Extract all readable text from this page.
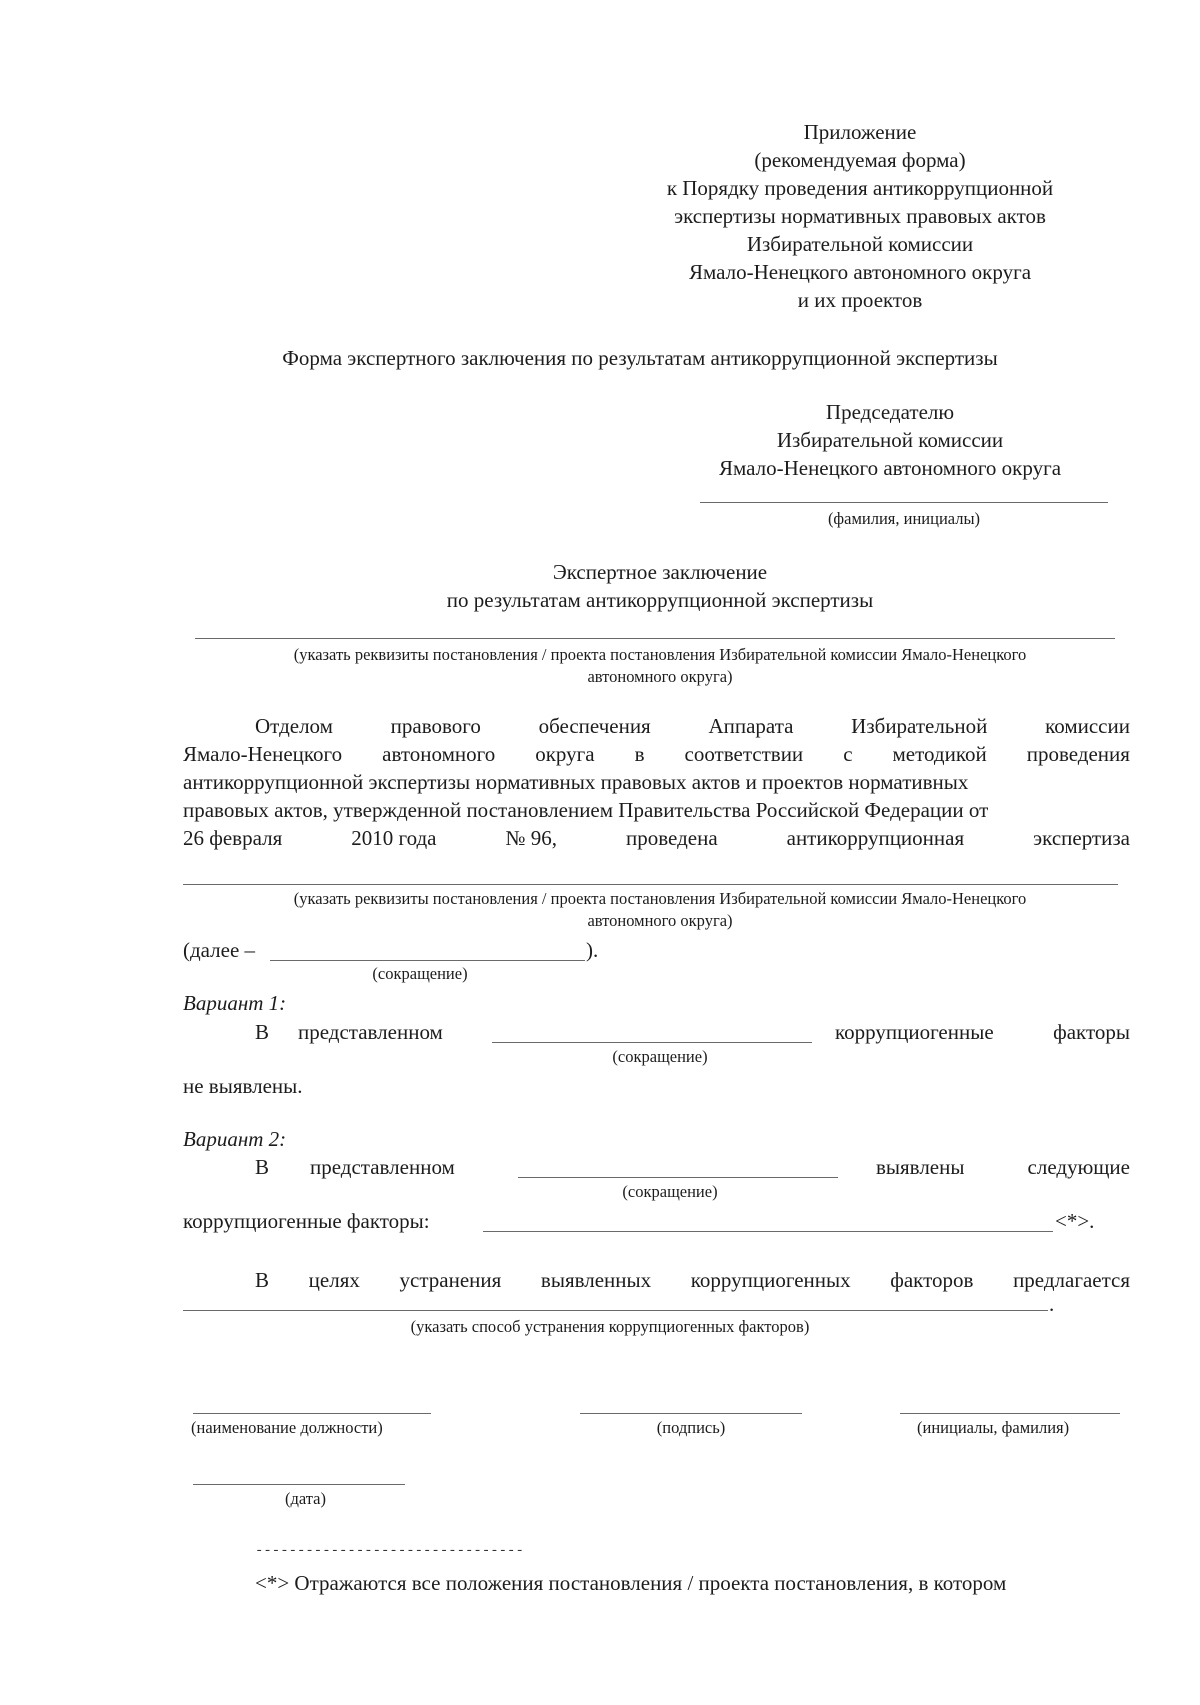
Приложение
(рекомендуемая форма)
к Порядку проведения антикоррупционной
экспертизы нормативных правовых актов
Избирательной комиссии
Ямало-Ненецкого автономного округа
и их проектов
Форма экспертного заключения по результатам антикоррупционной экспертизы
Председателю
Избирательной комиссии
Ямало-Ненецкого автономного округа
(фамилия, инициалы)
Экспертное заключение
по результатам антикоррупционной экспертизы
(указать реквизиты постановления / проекта постановления Избирательной комиссии Ямало-Ненецкого
автономного округа)
Отделом	правового	обеспечения	Аппарата	Избирательной	комиссии
Ямало-Ненецкого автономного округа в соответствии с методикой проведения
антикоррупционной экспертизы нормативных правовых актов и проектов нормативных
правовых актов, утвержденной постановлением Правительства Российской Федерации от
26 февраля	2010 года	№ 96,	проведена	антикоррупционная	экспертиза
(указать реквизиты постановления / проекта постановления Избирательной комиссии Ямало-Ненецкого
автономного округа)
(далее –	).
(сокращение)
Вариант 1:
В представленном	коррупциогенные	факторы
(сокращение)
не выявлены.
Вариант 2:
В представленном	выявлены	следующие
(сокращение)
коррупциогенные факторы:	<*>.
В целях устранения выявленных коррупциогенных факторов предлагается
.
(указать способ устранения коррупциогенных факторов)
(наименование должности)	(подпись)	(инициалы, фамилия)
(дата)
--------------------------------
<*> Отражаются все положения постановления / проекта постановления, в котором
